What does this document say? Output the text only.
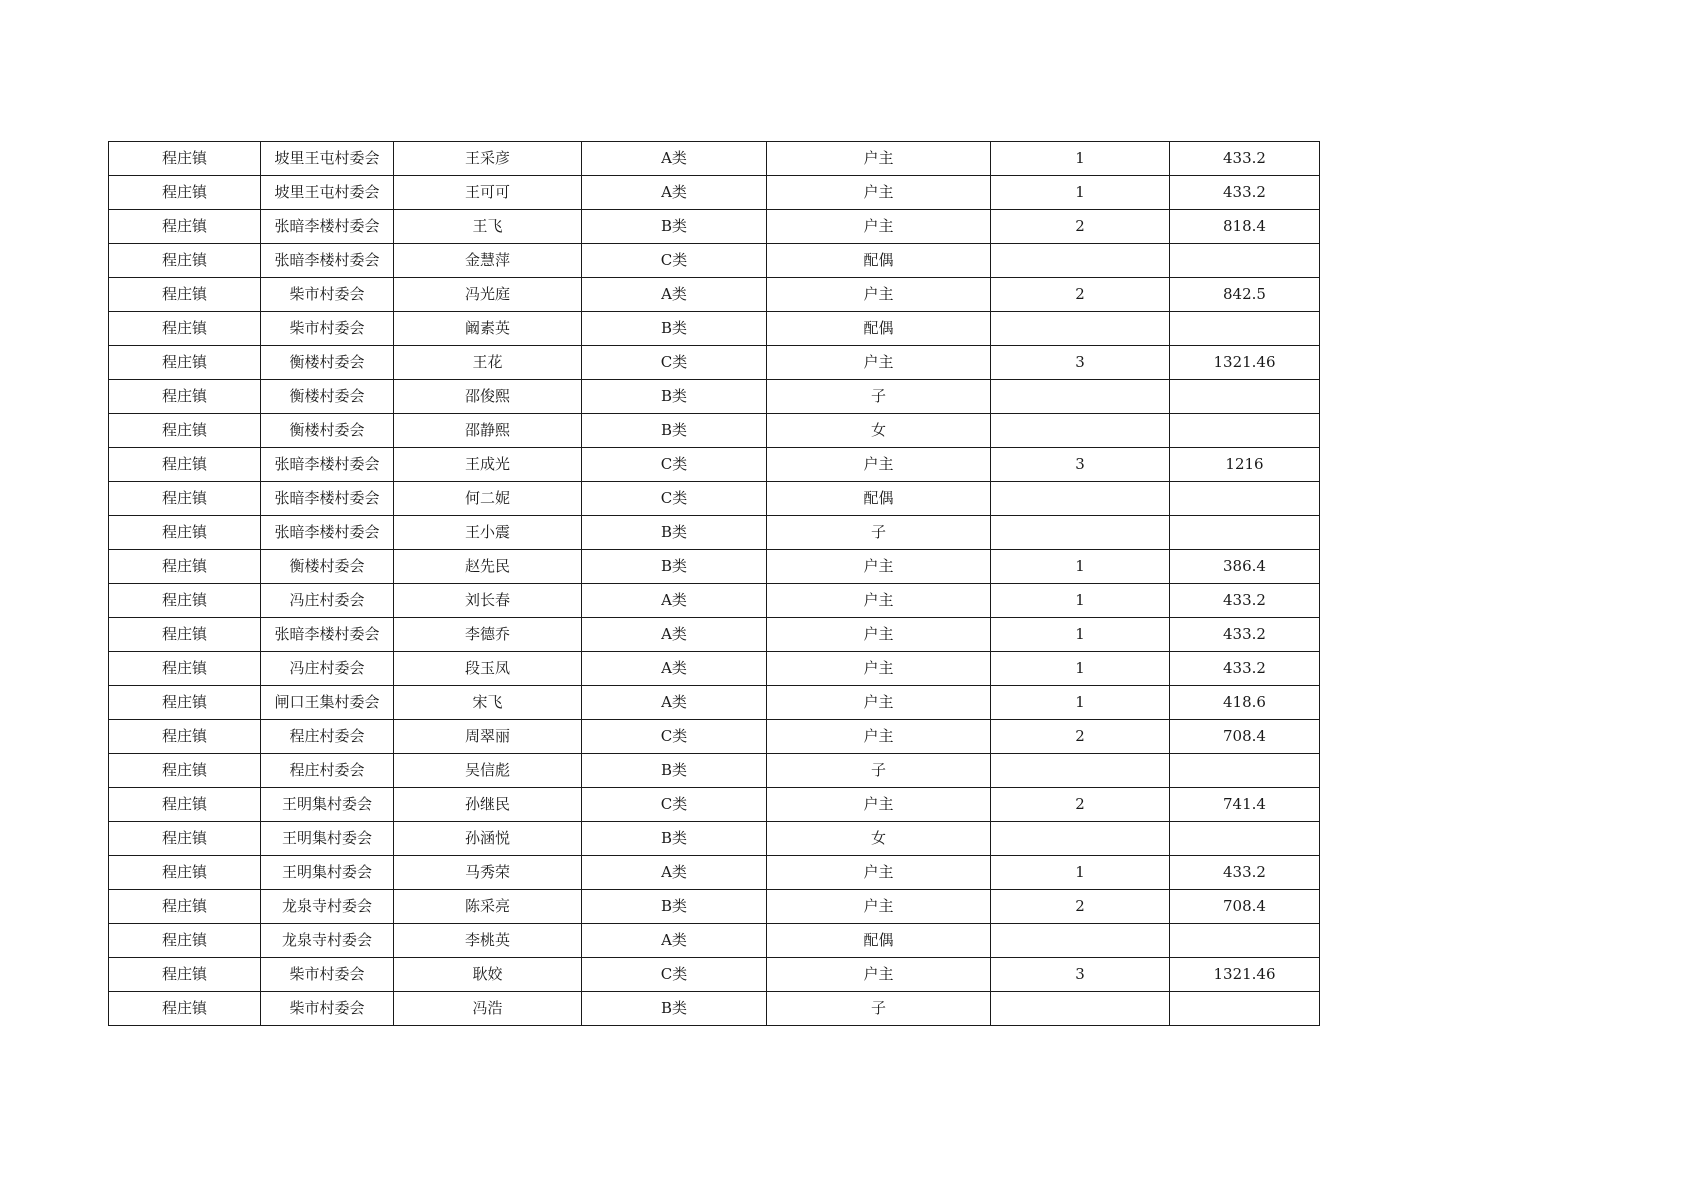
程庄镇	坡里王屯村委会	王采彦	A类	户主	1	433.2
程庄镇	坡里王屯村委会	王可可	A类	户主	1	433.2
程庄镇	张暗李楼村委会	王飞	B类	户主	2	818.4
程庄镇	张暗李楼村委会	金慧萍	C类	配偶		
程庄镇	柴市村委会	冯光庭	A类	户主	2	842.5
程庄镇	柴市村委会	阚素英	B类	配偶		
程庄镇	衡楼村委会	王花	C类	户主	3	1321.46
程庄镇	衡楼村委会	邵俊熙	B类	子		
程庄镇	衡楼村委会	邵静熙	B类	女		
程庄镇	张暗李楼村委会	王成光	C类	户主	3	1216
程庄镇	张暗李楼村委会	何二妮	C类	配偶		
程庄镇	张暗李楼村委会	王小震	B类	子		
程庄镇	衡楼村委会	赵先民	B类	户主	1	386.4
程庄镇	冯庄村委会	刘长春	A类	户主	1	433.2
程庄镇	张暗李楼村委会	李德乔	A类	户主	1	433.2
程庄镇	冯庄村委会	段玉凤	A类	户主	1	433.2
程庄镇	闸口王集村委会	宋飞	A类	户主	1	418.6
程庄镇	程庄村委会	周翠丽	C类	户主	2	708.4
程庄镇	程庄村委会	吴信彪	B类	子		
程庄镇	王明集村委会	孙继民	C类	户主	2	741.4
程庄镇	王明集村委会	孙涵悦	B类	女		
程庄镇	王明集村委会	马秀荣	A类	户主	1	433.2
程庄镇	龙泉寺村委会	陈采亮	B类	户主	2	708.4
程庄镇	龙泉寺村委会	李桃英	A类	配偶		
程庄镇	柴市村委会	耿姣	C类	户主	3	1321.46
程庄镇	柴市村委会	冯浩	B类	子		
